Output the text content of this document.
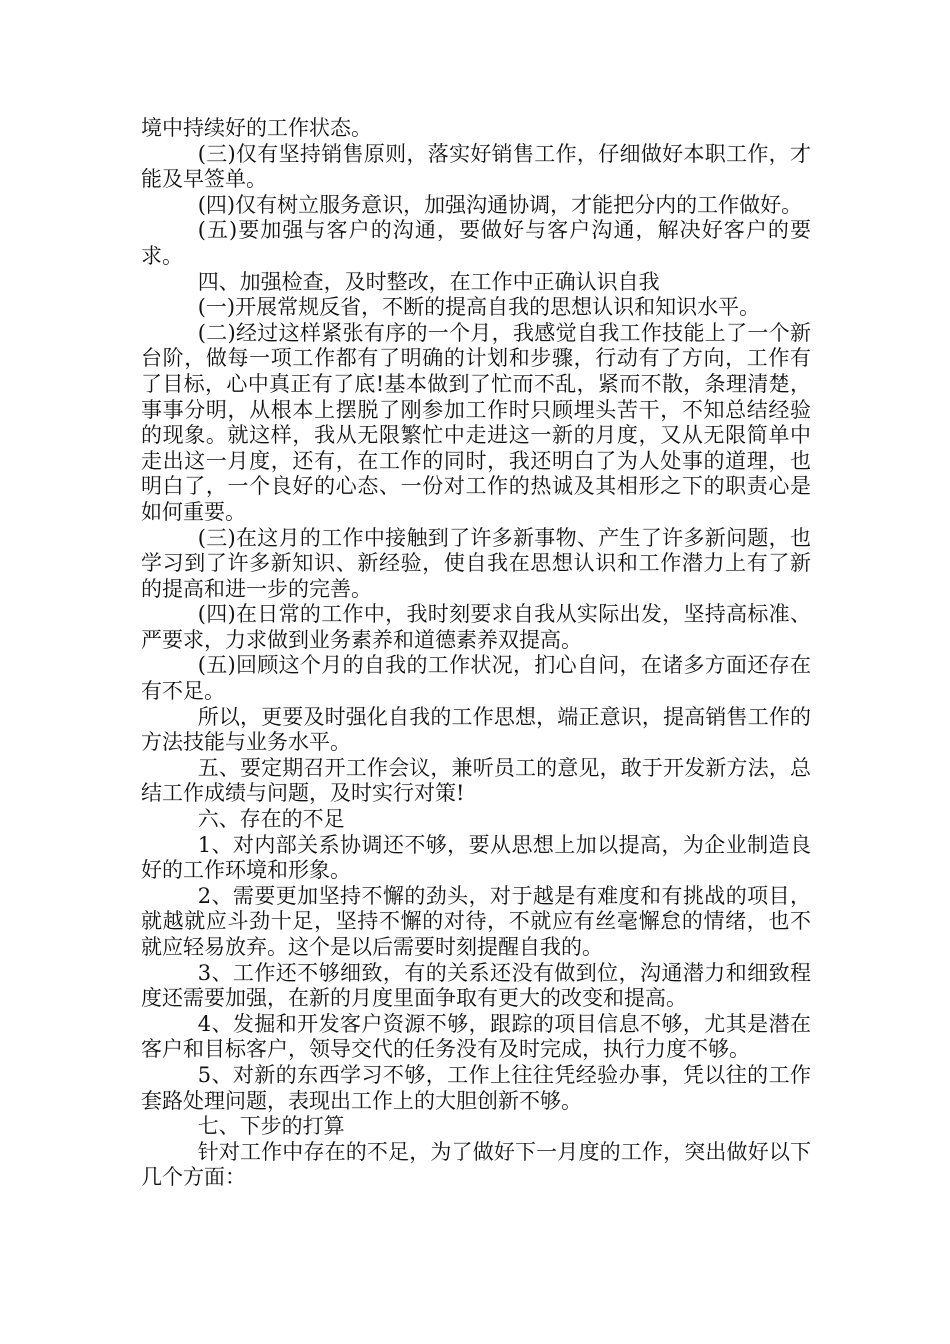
境中持续好的工作状态。

(三)仅有坚持销售原则，落实好销售工作，仔细做好本职工作，才能及早签单。

(四)仅有树立服务意识，加强沟通协调，才能把分内的工作做好。

(五)要加强与客户的沟通，要做好与客户沟通，解决好客户的要求。

四、加强检查，及时整改，在工作中正确认识自我

(一)开展常规反省，不断的提高自我的思想认识和知识水平。

(二)经过这样紧张有序的一个月，我感觉自我工作技能上了一个新台阶，做每一项工作都有了明确的计划和步骤，行动有了方向，工作有了目标，心中真正有了底!基本做到了忙而不乱，紧而不散，条理清楚，事事分明，从根本上摆脱了刚参加工作时只顾埋头苦干，不知总结经验的现象。就这样，我从无限繁忙中走进这一新的月度，又从无限简单中走出这一月度，还有，在工作的同时，我还明白了为人处事的道理，也明白了，一个良好的心态、一份对工作的热诚及其相形之下的职责心是如何重要。

(三)在这月的工作中接触到了许多新事物、产生了许多新问题，也学习到了许多新知识、新经验，使自我在思想认识和工作潜力上有了新的提高和进一步的完善。

(四)在日常的工作中，我时刻要求自我从实际出发，坚持高标准、严要求，力求做到业务素养和道德素养双提高。

(五)回顾这个月的自我的工作状况，扪心自问，在诸多方面还存在有不足。

所以，更要及时强化自我的工作思想，端正意识，提高销售工作的方法技能与业务水平。

五、要定期召开工作会议，兼听员工的意见，敢于开发新方法，总结工作成绩与问题，及时实行对策!

六、存在的不足

1、对内部关系协调还不够，要从思想上加以提高，为企业制造良好的工作环境和形象。

2、需要更加坚持不懈的劲头，对于越是有难度和有挑战的项目，就越就应斗劲十足，坚持不懈的对待，不就应有丝毫懈怠的情绪，也不就应轻易放弃。这个是以后需要时刻提醒自我的。

3、工作还不够细致，有的关系还没有做到位，沟通潜力和细致程度还需要加强，在新的月度里面争取有更大的改变和提高。

4、发掘和开发客户资源不够，跟踪的项目信息不够，尤其是潜在客户和目标客户，领导交代的任务没有及时完成，执行力度不够。

5、对新的东西学习不够，工作上往往凭经验办事，凭以往的工作套路处理问题，表现出工作上的大胆创新不够。

七、下步的打算

针对工作中存在的不足，为了做好下一月度的工作，突出做好以下几个方面：
